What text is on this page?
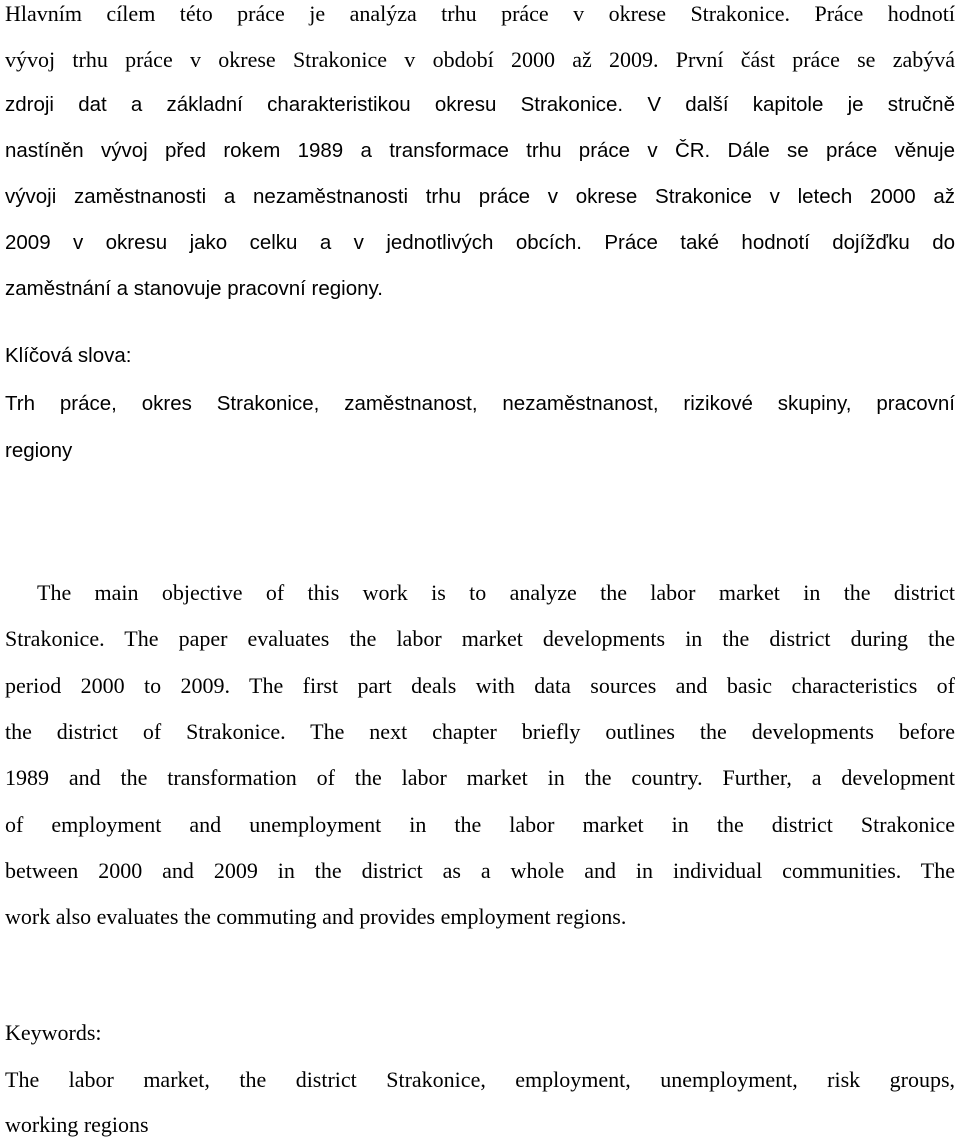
Hlavním cílem této práce je analýza trhu práce v okrese Strakonice. Práce hodnotí
vývoj trhu práce v okrese Strakonice v období 2000 až 2009. První část práce se zabývá
zdroji dat a základní charakteristikou okresu Strakonice. V další kapitole je stručně
nastíněn vývoj před rokem 1989 a transformace trhu práce v ČR. Dále se práce věnuje
vývoji zaměstnanosti a nezaměstnanosti trhu práce v okrese Strakonice v letech 2000 až
2009 v okresu jako celku a v jednotlivých obcích. Práce také hodnotí dojížďku do
zaměstnání a stanovuje pracovní regiony.
Klíčová slova:
Trh práce, okres Strakonice, zaměstnanost, nezaměstnanost, rizikové skupiny, pracovní
regiony
The main objective of this work is to analyze the labor market in the district
Strakonice. The paper evaluates the labor market developments in the district during the
period 2000 to 2009. The first part deals with data sources and basic characteristics of
the district of Strakonice. The next chapter briefly outlines the developments before
1989 and the transformation of the labor market in the country. Further, a development
of employment and unemployment in the labor market in the district Strakonice
between 2000 and 2009 in the district as a whole and in individual communities. The
work also evaluates the commuting and provides employment regions.
Keywords:
The labor market, the district Strakonice, employment, unemployment, risk groups,
working regions
